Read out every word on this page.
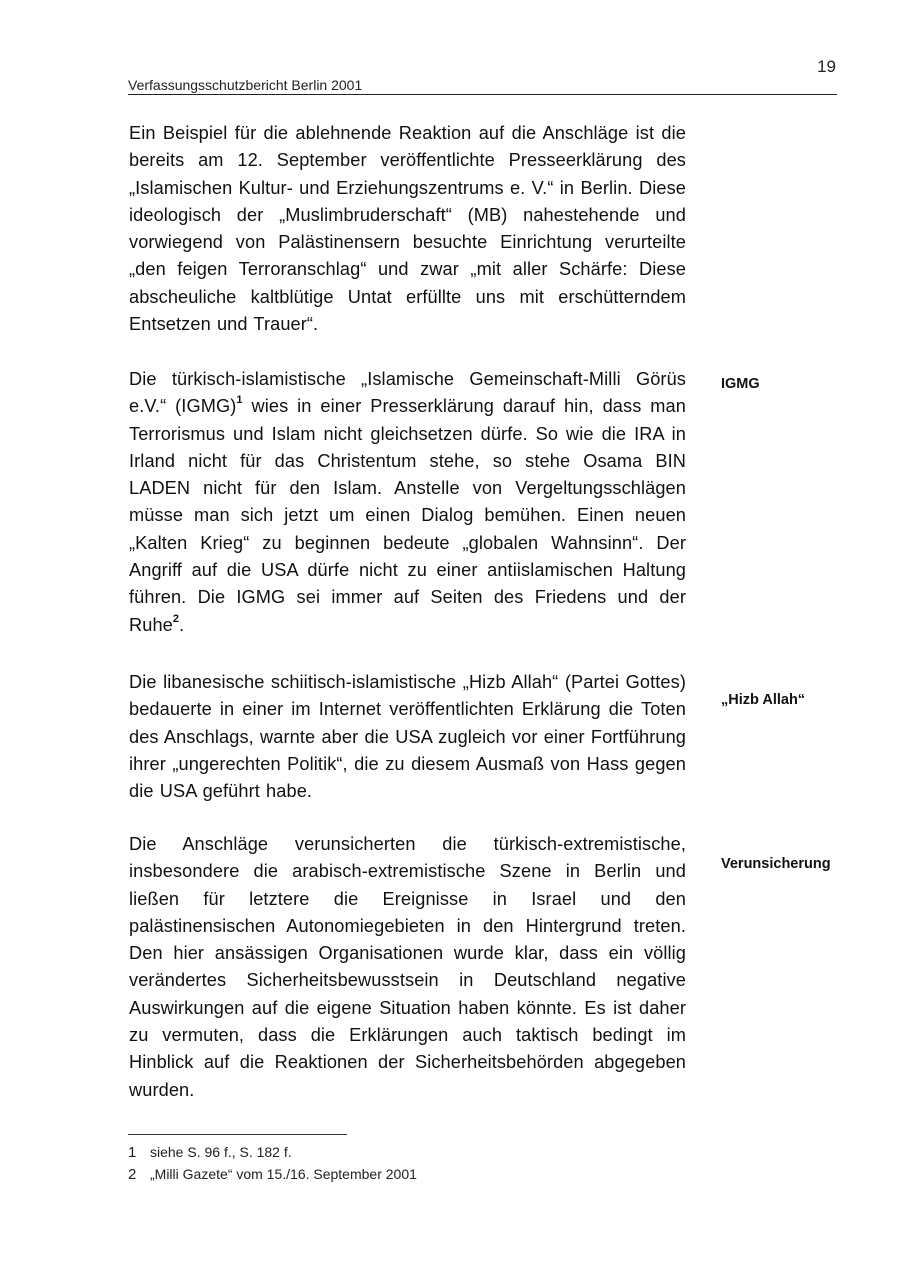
19
Verfassungsschutzbericht Berlin 2001

Ein Beispiel für die ablehnende Reaktion auf die Anschläge ist die bereits am 12. September veröffentlichte Presseerklärung des „Islamischen Kultur- und Erziehungszentrums e. V.“ in Berlin. Diese ideologisch der „Muslimbruderschaft“ (MB) nahestehende und vorwiegend von Palästinensern besuchte Einrichtung verurteilte „den feigen Terroranschlag“ und zwar „mit aller Schärfe: Diese abscheuliche kaltblütige Untat erfüllte uns mit erschütterndem Entsetzen und Trauer“.

Die türkisch-islamistische „Islamische Gemeinschaft-Milli Görüs e.V.“ (IGMG)$^1$ wies in einer Presserklärung darauf hin, dass man Terrorismus und Islam nicht gleichsetzen dürfe. So wie die IRA in Irland nicht für das Christentum stehe, so stehe Osama BIN LADEN nicht für den Islam. Anstelle von Vergeltungsschlägen müsse man sich jetzt um einen Dialog bemühen. Einen neuen „Kalten Krieg“ zu beginnen bedeute „globalen Wahnsinn“. Der Angriff auf die USA dürfe nicht zu einer antiislamischen Haltung führen. Die IGMG sei immer auf Seiten des Friedens und der Ruhe$^2$.

Die libanesische schiitisch-islamistische „Hizb Allah“ (Partei Gottes) bedauerte in einer im Internet veröffentlichten Erklärung die Toten des Anschlags, warnte aber die USA zugleich vor einer Fortführung ihrer „ungerechten Politik“, die zu diesem Ausmaß von Hass gegen die USA geführt habe.

Die Anschläge verunsicherten die türkisch-extremistische, insbesondere die arabisch-extremistische Szene in Berlin und ließen für letztere die Ereignisse in Israel und den palästinensischen Autonomiegebieten in den Hintergrund treten. Den hier ansässigen Organisationen wurde klar, dass ein völlig verändertes Sicherheitsbewusstsein in Deutschland negative Auswirkungen auf die eigene Situation haben könnte. Es ist daher zu vermuten, dass die Erklärungen auch taktisch bedingt im Hinblick auf die Reaktionen der Sicherheitsbehörden abgegeben wurden.

IGMG
„Hizb Allah“
Verunsicherung
1 siehe S. 96 f., S. 182 f.
2 „Milli Gazete“ vom 15./16. September 2001
